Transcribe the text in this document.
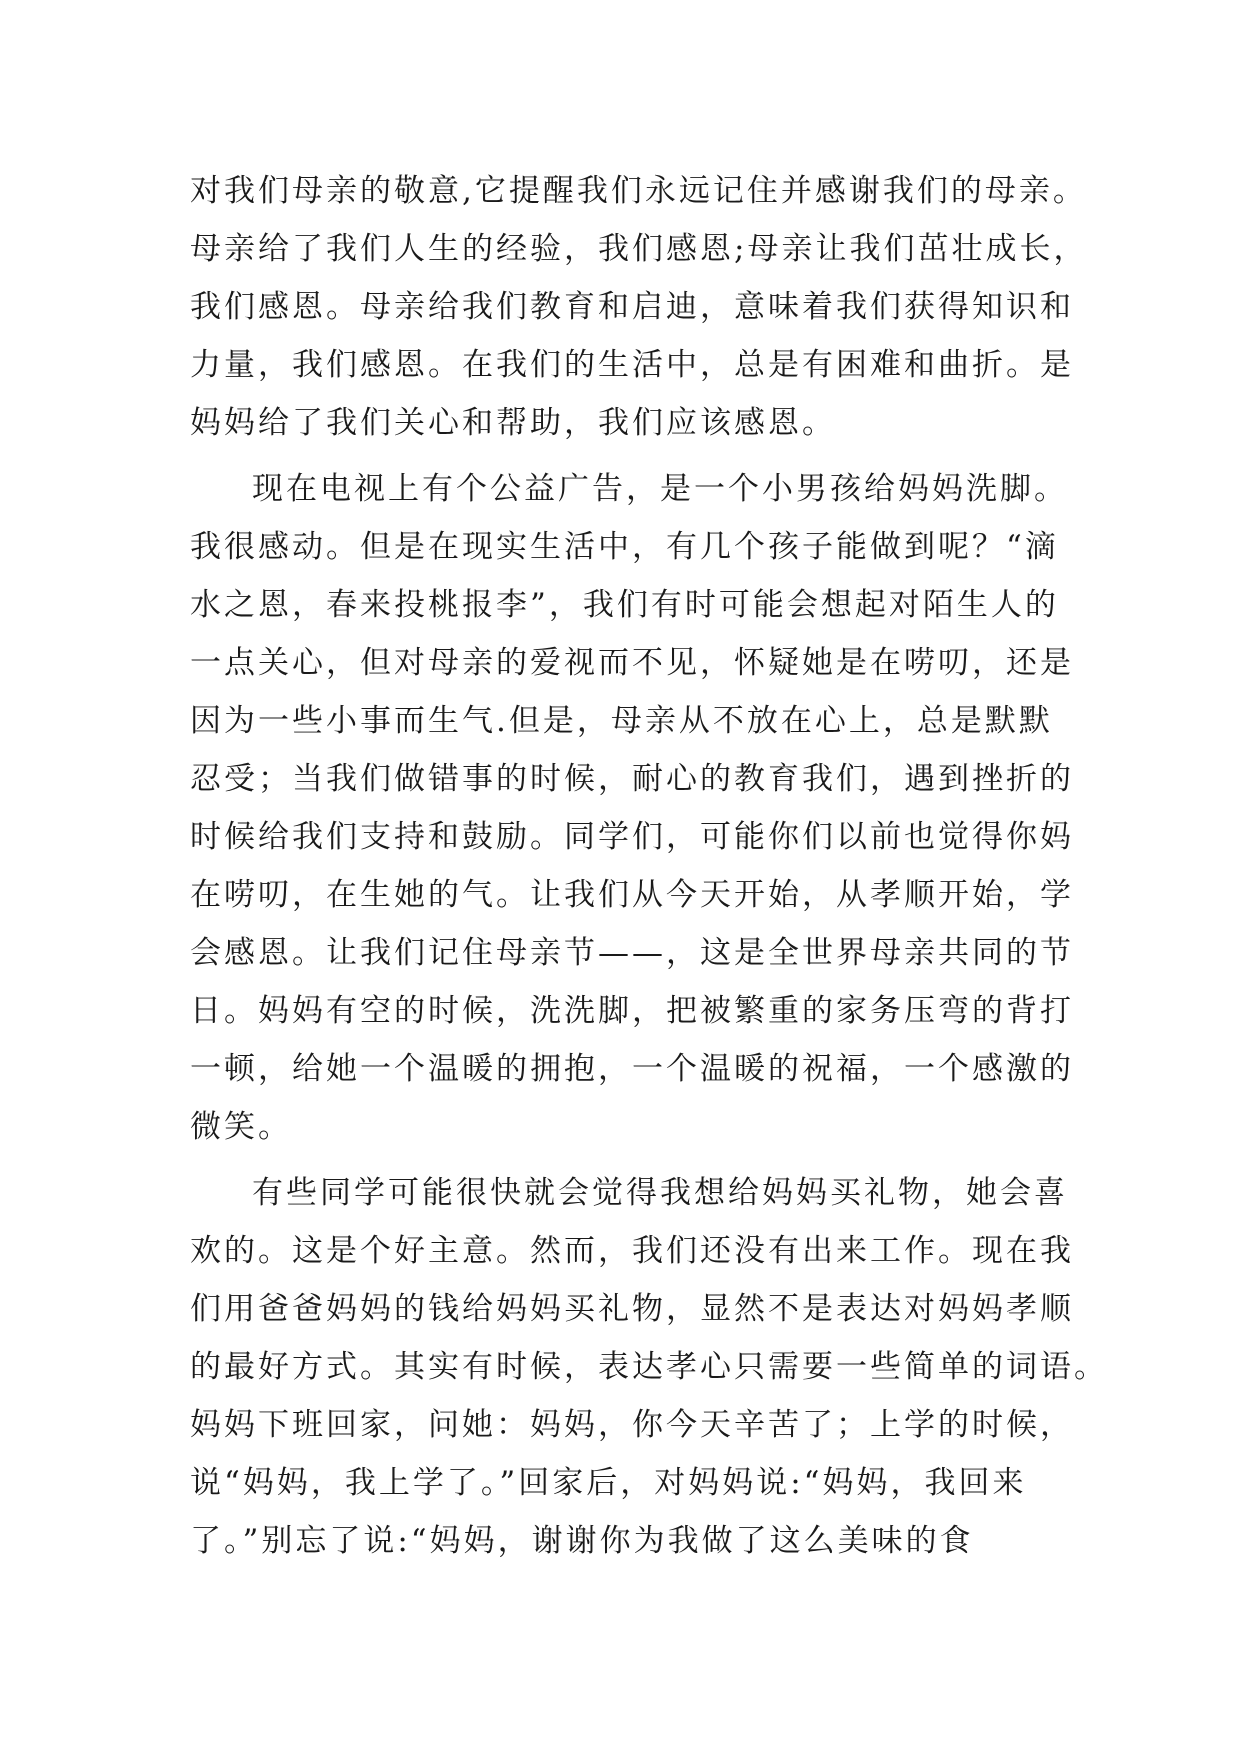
对我们母亲的敬意,它提醒我们永远记住并感谢我们的母亲。
母亲给了我们人生的经验，我们感恩;母亲让我们茁壮成长，
我们感恩。母亲给我们教育和启迪，意味着我们获得知识和
力量，我们感恩。在我们的生活中，总是有困难和曲折。是
妈妈给了我们关心和帮助，我们应该感恩。
现在电视上有个公益广告，是一个小男孩给妈妈洗脚。
我很感动。但是在现实生活中，有几个孩子能做到呢？“滴
水之恩，春来投桃报李”，我们有时可能会想起对陌生人的
一点关心，但对母亲的爱视而不见，怀疑她是在唠叨，还是
因为一些小事而生气.但是，母亲从不放在心上，总是默默
忍受；当我们做错事的时候，耐心的教育我们，遇到挫折的
时候给我们支持和鼓励。同学们，可能你们以前也觉得你妈
在唠叨，在生她的气。让我们从今天开始，从孝顺开始，学
会感恩。让我们记住母亲节——，这是全世界母亲共同的节
日。妈妈有空的时候，洗洗脚，把被繁重的家务压弯的背打
一顿，给她一个温暖的拥抱，一个温暖的祝福，一个感激的
微笑。
有些同学可能很快就会觉得我想给妈妈买礼物，她会喜
欢的。这是个好主意。然而，我们还没有出来工作。现在我
们用爸爸妈妈的钱给妈妈买礼物，显然不是表达对妈妈孝顺
的最好方式。其实有时候，表达孝心只需要一些简单的词语。
妈妈下班回家，问她：妈妈，你今天辛苦了；上学的时候，
说“妈妈，我上学了。”回家后，对妈妈说:“妈妈，我回来
了。”别忘了说:“妈妈，谢谢你为我做了这么美味的食
